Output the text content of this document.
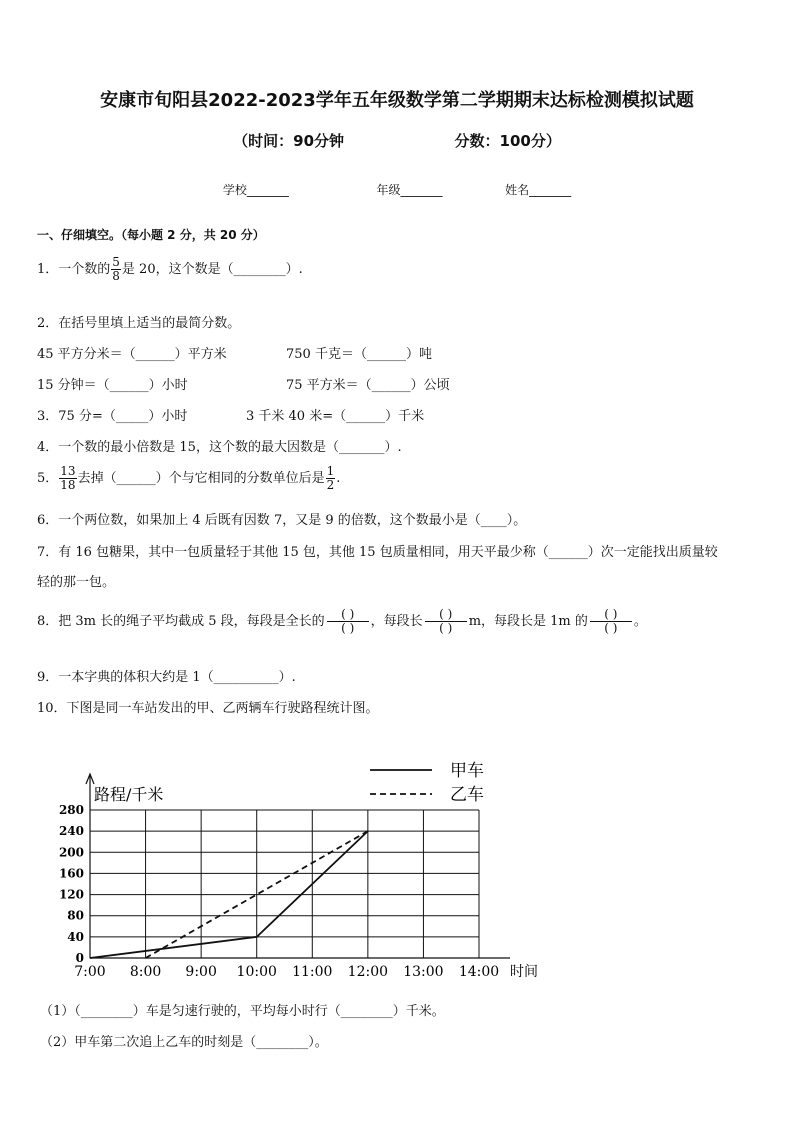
安康市旬阳县2022-2023学年五年级数学第二学期期末达标检测模拟试题
（时间：90分钟	分数：100分）
学校_______	年级_______	姓名_______
一、仔细填空。（每小题 2 分，共 20 分）
1．一个数的 $\frac{5}{8}$ 是 20，这个数是（________）.
2．在括号里填上适当的最简分数。
45 平方分米＝（______）平方米	750 千克＝（______）吨
15 分钟＝（______）小时	75 平方米＝（______）公顷
3．75 分=（_____）小时	3 千米 40 米=（______）千米
4．一个数的最小倍数是 15，这个数的最大因数是（_______）.
5． $\frac{13}{18}$ 去掉（______）个与它相同的分数单位后是 $\frac{1}{2}$ .
6．一个两位数，如果加上 4 后既有因数 7，又是 9 的倍数，这个数最小是（____）。
7．有 16 包糖果，其中一包质量轻于其他 15 包，其他 15 包质量相同，用天平最少称（______）次一定能找出质量较
轻的那一包。
8．把 3m 长的绳子平均截成 5 段，每段是全长的 $\frac{( )}{( )}$ ，每段长 $\frac{( )}{( )}$ m，每段长是 1m 的 $\frac{( )}{( )}$ 。
9．一本字典的体积大约是 1（__________）.
10．下图是同一车站发出的甲、乙两辆车行驶路程统计图。
0
40
80
120
160
200
240
280
7:00 8:00 9:00 10:00 11:00 12:00 13:00 14:00
路程/千米
时间
甲车
乙车
（1）（________）车是匀速行驶的，平均每小时行（________）千米。
（2）甲车第二次追上乙车的时刻是（________）。
